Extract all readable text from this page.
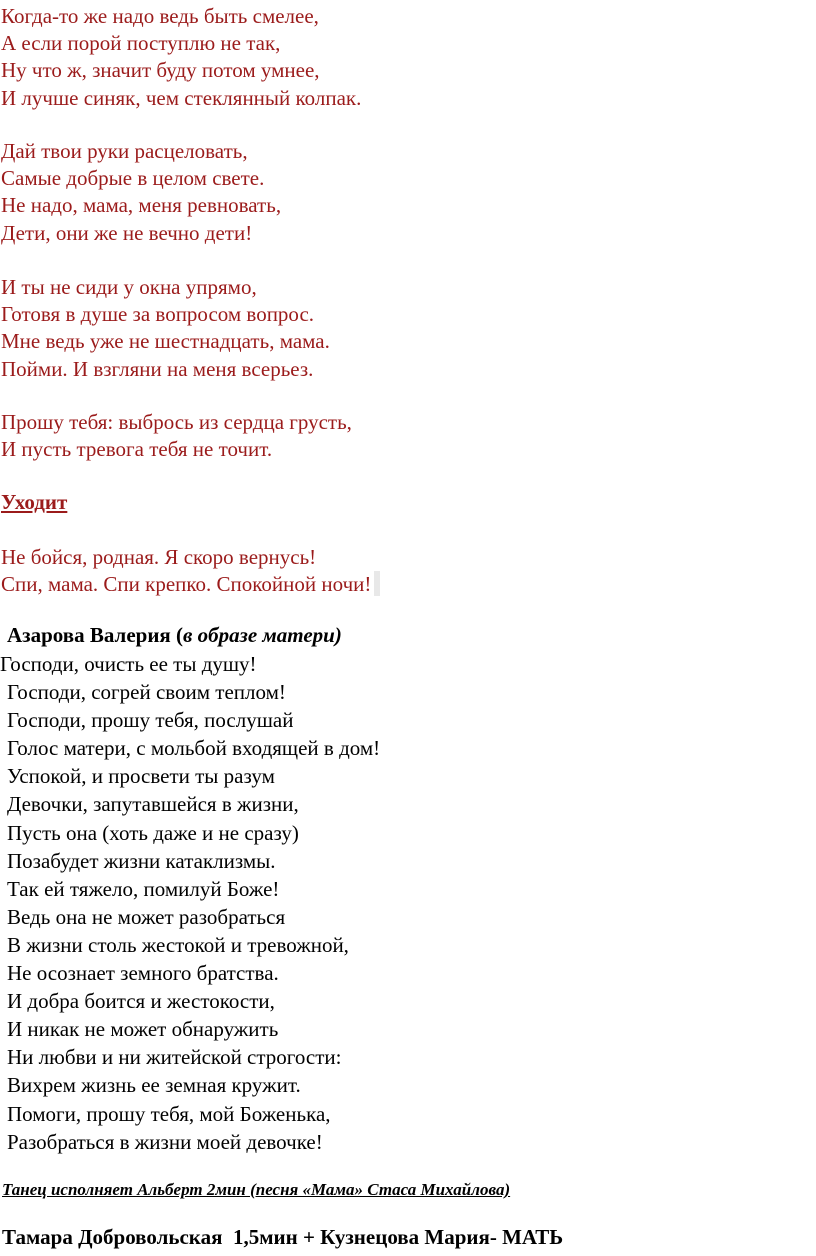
Когда-то же надо ведь быть смелее,
А если порой поступлю не так,
Ну что ж, значит буду потом умнее,
И лучше синяк, чем стеклянный колпак.
Дай твои руки расцеловать,
Самые добрые в целом свете.
Не надо, мама, меня ревновать,
Дети, они же не вечно дети!
И ты не сиди у окна упрямо,
Готовя в душе за вопросом вопрос.
Мне ведь уже не шестнадцать, мама.
Пойми. И взгляни на меня всерьез.
Прошу тебя: выбрось из сердца грусть,
И пусть тревога тебя не точит.
Уходит
Не бойся, родная. Я скоро вернусь!
Спи, мама. Спи крепко. Спокойной ночи!
Азарова Валерия (в образе матери)
Господи, очисть ее ты душу!
Господи, согрей своим теплом!
Господи, прошу тебя, послушай
Голос матери, с мольбой входящей в дом!
Успокой, и просвети ты разум
Девочки, запутавшейся в жизни,
Пусть она (хоть даже и не сразу)
Позабудет жизни катаклизмы.
Так ей тяжело, помилуй Боже!
Ведь она не может разобраться
В жизни столь жестокой и тревожной,
Не осознает земного братства.
И добра боится и жестокости,
И никак не может обнаружить
Ни любви и ни житейской строгости:
Вихрем жизнь ее земная кружит.
Помоги, прошу тебя, мой Боженька,
Разобраться в жизни моей девочке!
Танец исполняет Альберт 2мин (песня «Мама» Стаса Михайлова)
Тамара Добровольская  1,5мин + Кузнецова Мария- МАТЬ
